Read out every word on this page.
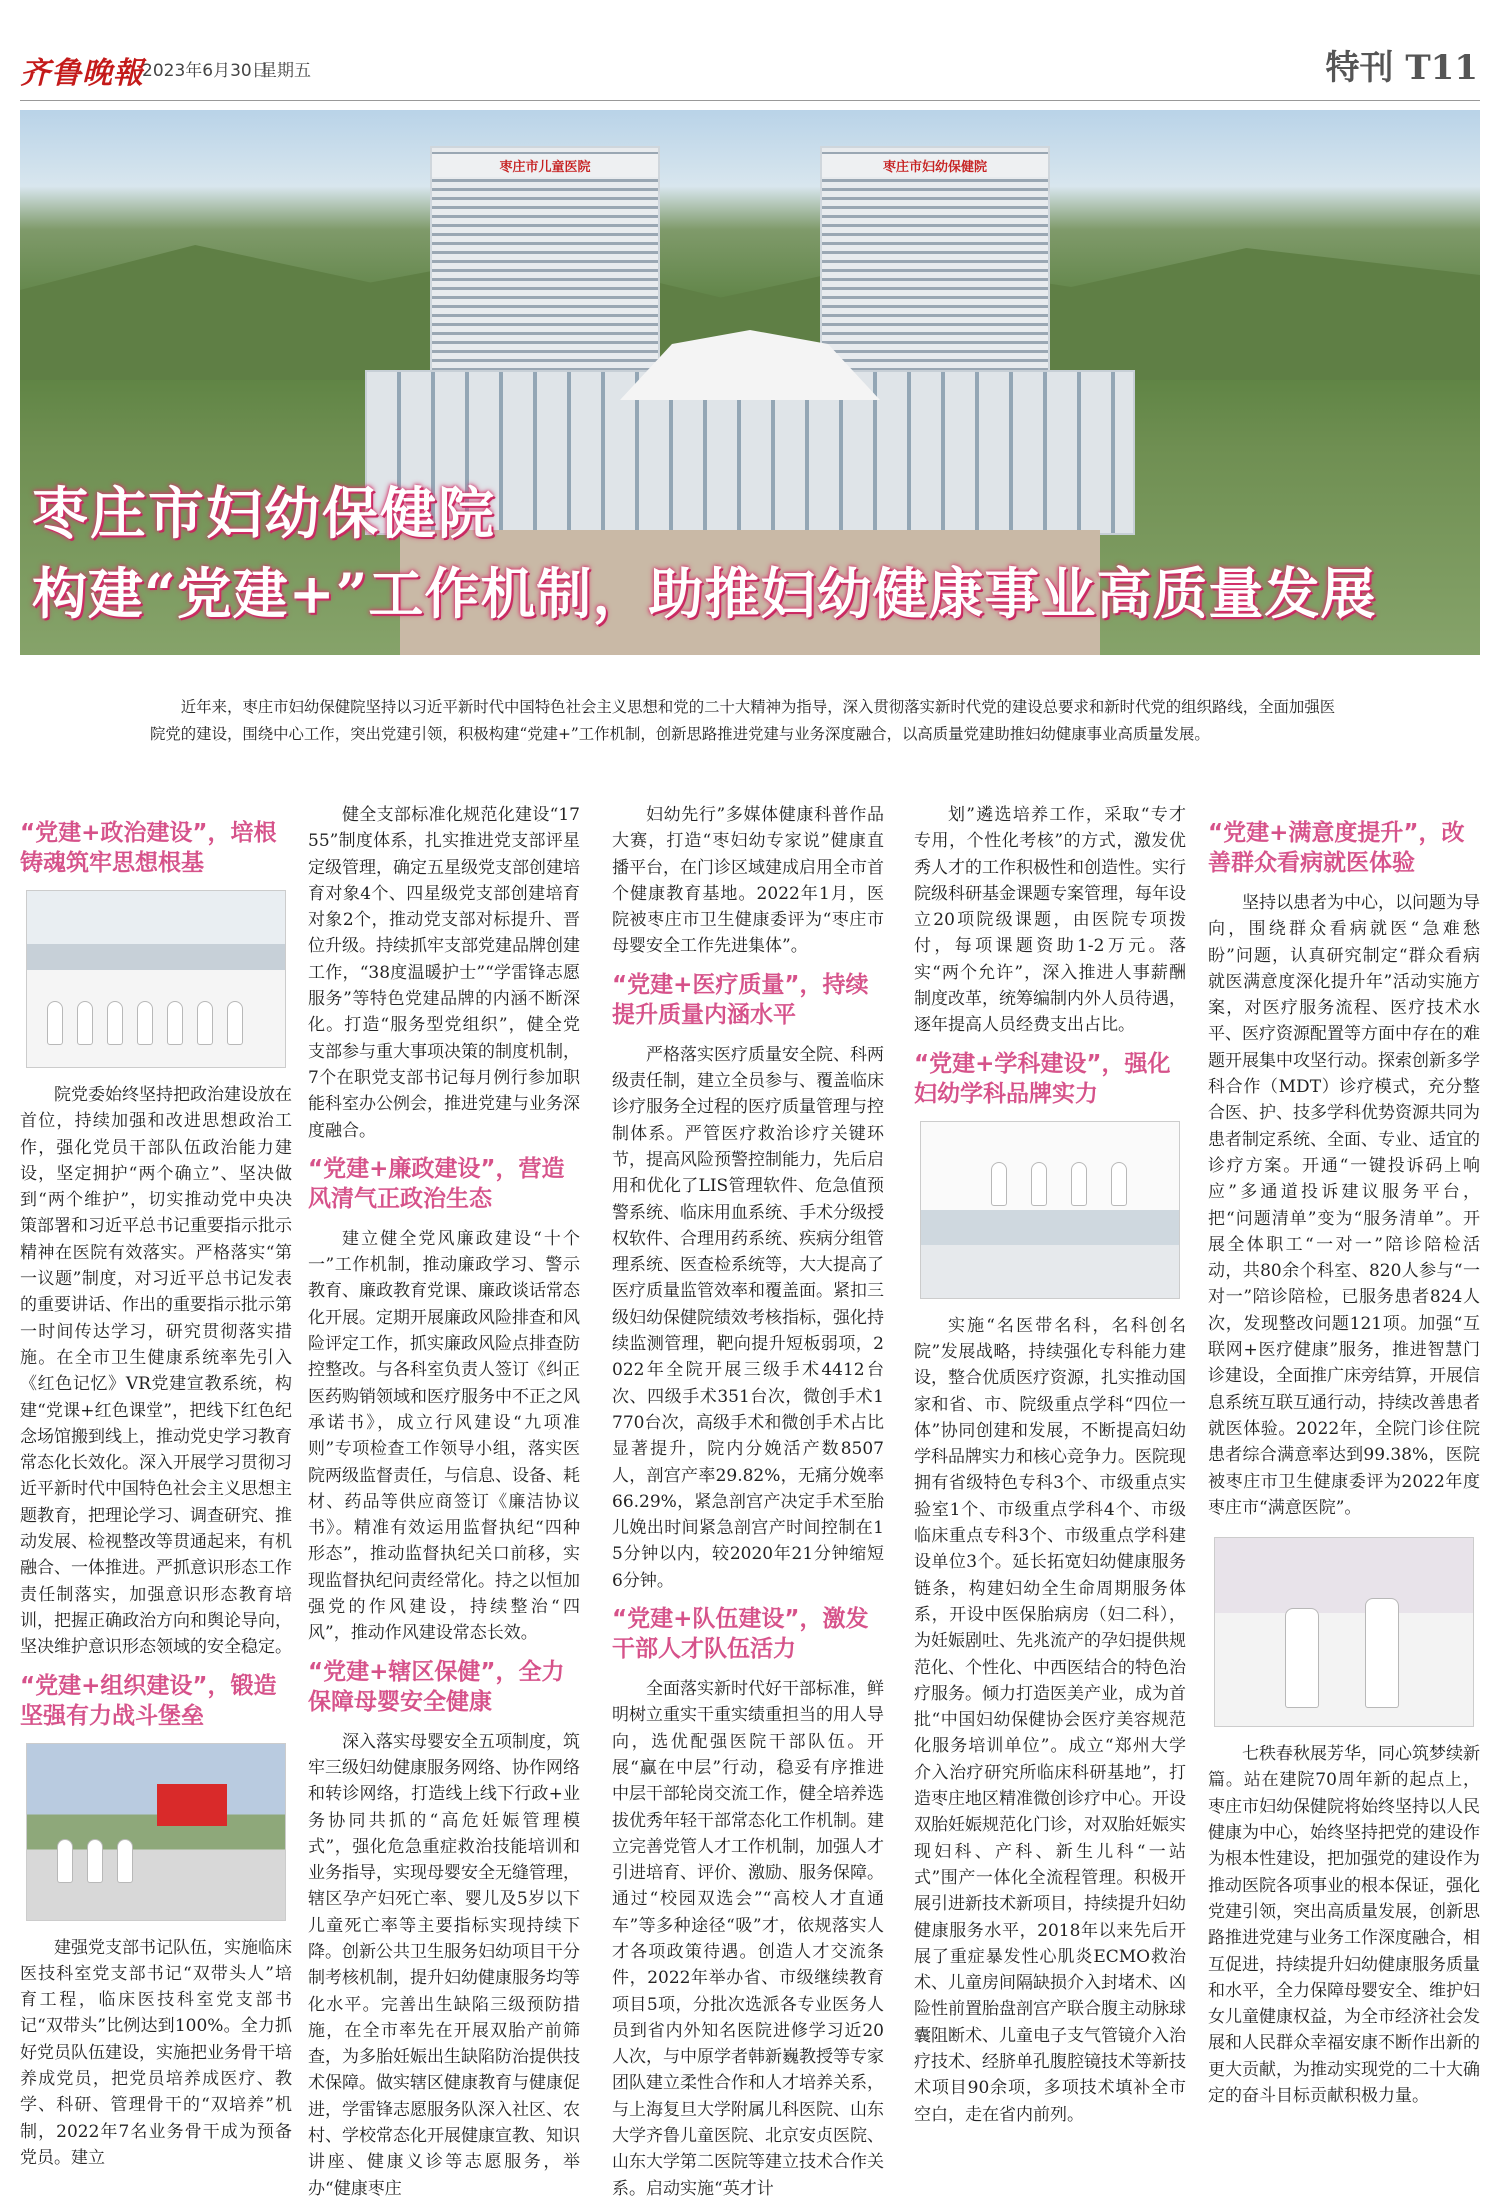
齐鲁晚報
2023年6月30日
星期五	特刊 T11
枣庄市儿童医院	枣庄市妇幼保健院
枣庄市妇幼保健院
构建“党建+”工作机制，助推妇幼健康事业高质量发展
近年来，枣庄市妇幼保健院坚持以习近平新时代中国特色社会主义思想和党的二十大精神为指导，深入贯彻落实新时代党的建设总要求和新时代党的组织路线，全面加强医院党的建设，围绕中心工作，突出党建引领，积极构建“党建+”工作机制，创新思路推进党建与业务深度融合，以高质量党建助推妇幼健康事业高质量发展。
“党建+政治建设”，培根铸魂筑牢思想根基

院党委始终坚持把政治建设放在首位，持续加强和改进思想政治工作，强化党员干部队伍政治能力建设，坚定拥护“两个确立”、坚决做到“两个维护”，切实推动党中央决策部署和习近平总书记重要指示批示精神在医院有效落实。严格落实“第一议题”制度，对习近平总书记发表的重要讲话、作出的重要指示批示第一时间传达学习，研究贯彻落实措施。在全市卫生健康系统率先引入《红色记忆》VR党建宣教系统，构建“党课+红色课堂”，把线下红色纪念场馆搬到线上，推动党史学习教育常态化长效化。深入开展学习贯彻习近平新时代中国特色社会主义思想主题教育，把理论学习、调查研究、推动发展、检视整改等贯通起来，有机融合、一体推进。严抓意识形态工作责任制落实，加强意识形态教育培训，把握正确政治方向和舆论导向，坚决维护意识形态领域的安全稳定。

“党建+组织建设”，锻造坚强有力战斗堡垒

建强党支部书记队伍，实施临床医技科室党支部书记“双带头人”培育工程，临床医技科室党支部书记“双带头”比例达到100%。全力抓好党员队伍建设，实施把业务骨干培养成党员，把党员培养成医疗、教学、科研、管理骨干的“双培养”机制，2022年7名业务骨干成为预备党员。建立

健全支部标准化规范化建设“1755”制度体系，扎实推进党支部评星定级管理，确定五星级党支部创建培育对象4个、四星级党支部创建培育对象2个，推动党支部对标提升、晋位升级。持续抓牢支部党建品牌创建工作，“38度温暖护士”“学雷锋志愿服务”等特色党建品牌的内涵不断深化。打造“服务型党组织”，健全党支部参与重大事项决策的制度机制，7个在职党支部书记每月例行参加职能科室办公例会，推进党建与业务深度融合。

“党建+廉政建设”，营造风清气正政治生态

建立健全党风廉政建设“十个一”工作机制，推动廉政学习、警示教育、廉政教育党课、廉政谈话常态化开展。定期开展廉政风险排查和风险评定工作，抓实廉政风险点排查防控整改。与各科室负责人签订《纠正医药购销领域和医疗服务中不正之风承诺书》，成立行风建设“九项准则”专项检查工作领导小组，落实医院两级监督责任，与信息、设备、耗材、药品等供应商签订《廉洁协议书》。精准有效运用监督执纪“四种形态”，推动监督执纪关口前移，实现监督执纪问责经常化。持之以恒加强党的作风建设，持续整治“四风”，推动作风建设常态长效。

“党建+辖区保健”，全力保障母婴安全健康

深入落实母婴安全五项制度，筑牢三级妇幼健康服务网络、协作网络和转诊网络，打造线上线下行政+业务协同共抓的“高危妊娠管理模式”，强化危急重症救治技能培训和业务指导，实现母婴安全无缝管理，辖区孕产妇死亡率、婴儿及5岁以下儿童死亡率等主要指标实现持续下降。创新公共卫生服务妇幼项目干分制考核机制，提升妇幼健康服务均等化水平。完善出生缺陷三级预防措施，在全市率先在开展双胎产前筛查，为多胎妊娠出生缺陷防治提供技术保障。做实辖区健康教育与健康促进，学雷锋志愿服务队深入社区、农村、学校常态化开展健康宣教、知识讲座、健康义诊等志愿服务，举办“健康枣庄

妇幼先行”多媒体健康科普作品大赛，打造“枣妇幼专家说”健康直播平台，在门诊区域建成启用全市首个健康教育基地。2022年1月，医院被枣庄市卫生健康委评为“枣庄市母婴安全工作先进集体”。

“党建+医疗质量”，持续提升质量内涵水平

严格落实医疗质量安全院、科两级责任制，建立全员参与、覆盖临床诊疗服务全过程的医疗质量管理与控制体系。严管医疗救治诊疗关键环节，提高风险预警控制能力，先后启用和优化了LIS管理软件、危急值预警系统、临床用血系统、手术分级授权软件、合理用药系统、疾病分组管理系统、医查检系统等，大大提高了医疗质量监管效率和覆盖面。紧扣三级妇幼保健院绩效考核指标，强化持续监测管理，靶向提升短板弱项，2022年全院开展三级手术4412台次、四级手术351台次，微创手术1770台次，高级手术和微创手术占比显著提升，院内分娩活产数8507人，剖宫产率29.82%，无痛分娩率66.29%，紧急剖宫产决定手术至胎儿娩出时间紧急剖宫产时间控制在15分钟以内，较2020年21分钟缩短6分钟。

“党建+队伍建设”，激发干部人才队伍活力

全面落实新时代好干部标准，鲜明树立重实干重实绩重担当的用人导向，选优配强医院干部队伍。开展“赢在中层”行动，稳妥有序推进中层干部轮岗交流工作，健全培养选拔优秀年轻干部常态化工作机制。建立完善党管人才工作机制，加强人才引进培育、评价、激励、服务保障。通过“校园双选会”“高校人才直通车”等多种途径“吸”才，依规落实人才各项政策待遇。创造人才交流条件，2022年举办省、市级继续教育项目5项，分批次选派各专业医务人员到省内外知名医院进修学习近20人次，与中原学者韩新巍教授等专家团队建立柔性合作和人才培养关系，与上海复旦大学附属儿科医院、山东大学齐鲁儿童医院、北京安贞医院、山东大学第二医院等建立技术合作关系。启动实施“英才计

划”遴选培养工作，采取“专才专用，个性化考核”的方式，激发优秀人才的工作积极性和创造性。实行院级科研基金课题专案管理，每年设立20项院级课题，由医院专项拨付，每项课题资助1-2万元。落实“两个允许”，深入推进人事薪酬制度改革，统筹编制内外人员待遇，逐年提高人员经费支出占比。

“党建+学科建设”，强化妇幼学科品牌实力

实施“名医带名科，名科创名院”发展战略，持续强化专科能力建设，整合优质医疗资源，扎实推动国家和省、市、院级重点学科“四位一体”协同创建和发展，不断提高妇幼学科品牌实力和核心竞争力。医院现拥有省级特色专科3个、市级重点实验室1个、市级重点学科4个、市级临床重点专科3个、市级重点学科建设单位3个。延长拓宽妇幼健康服务链条，构建妇幼全生命周期服务体系，开设中医保胎病房（妇二科），为妊娠剧吐、先兆流产的孕妇提供规范化、个性化、中西医结合的特色治疗服务。倾力打造医美产业，成为首批“中国妇幼保健协会医疗美容规范化服务培训单位”。成立“郑州大学介入治疗研究所临床科研基地”，打造枣庄地区精准微创诊疗中心。开设双胎妊娠规范化门诊，对双胎妊娠实现妇科、产科、新生儿科“一站式”围产一体化全流程管理。积极开展引进新技术新项目，持续提升妇幼健康服务水平，2018年以来先后开展了重症暴发性心肌炎ECMO救治术、儿童房间隔缺损介入封堵术、凶险性前置胎盘剖宫产联合腹主动脉球囊阻断术、儿童电子支气管镜介入治疗技术、经脐单孔腹腔镜技术等新技术项目90余项，多项技术填补全市空白，走在省内前列。

“党建+满意度提升”，改善群众看病就医体验

坚持以患者为中心，以问题为导向，围绕群众看病就医“急难愁盼”问题，认真研究制定“群众看病就医满意度深化提升年”活动实施方案，对医疗服务流程、医疗技术水平、医疗资源配置等方面中存在的难题开展集中攻坚行动。探索创新多学科合作（MDT）诊疗模式，充分整合医、护、技多学科优势资源共同为患者制定系统、全面、专业、适宜的诊疗方案。开通“一键投诉码上响应”多通道投诉建议服务平台，把“问题清单”变为“服务清单”。开展全体职工“一对一”陪诊陪检活动，共80余个科室、820人参与“一对一”陪诊陪检，已服务患者824人次，发现整改问题121项。加强“互联网+医疗健康”服务，推进智慧门诊建设，全面推广床旁结算，开展信息系统互联互通行动，持续改善患者就医体验。2022年，全院门诊住院患者综合满意率达到99.38%，医院被枣庄市卫生健康委评为2022年度枣庄市“满意医院”。

七秩春秋展芳华，同心筑梦续新篇。站在建院70周年新的起点上，枣庄市妇幼保健院将始终坚持以人民健康为中心，始终坚持把党的建设作为根本性建设，把加强党的建设作为推动医院各项事业的根本保证，强化党建引领，突出高质量发展，创新思路推进党建与业务工作深度融合，相互促进，持续提升妇幼健康服务质量和水平，全力保障母婴安全、维护妇女儿童健康权益，为全市经济社会发展和人民群众幸福安康不断作出新的更大贡献，为推动实现党的二十大确定的奋斗目标贡献积极力量。
